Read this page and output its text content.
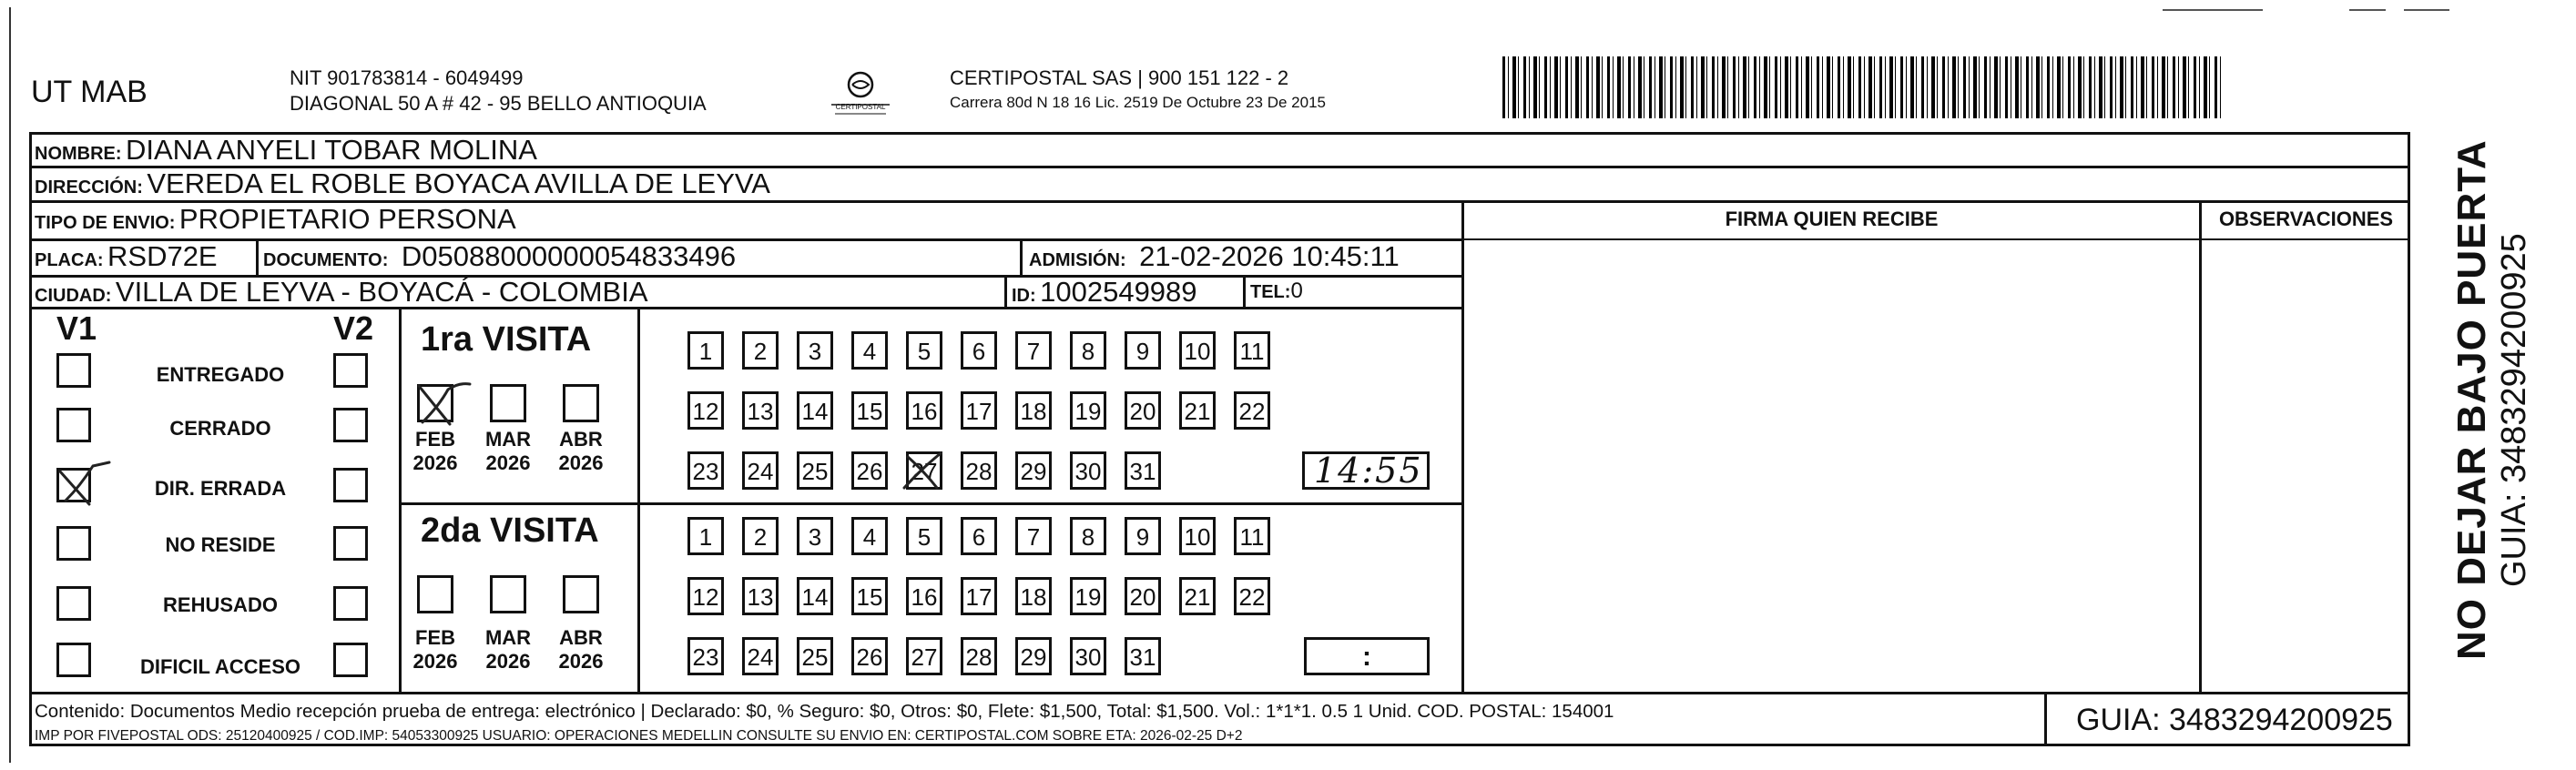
UT MAB	NIT 901783814 - 6049499
DIAGONAL 50 A # 42 - 95 BELLO ANTIOQUIA	CERTIPOSTAL
CERTIPOSTAL SAS | 900 151 122 - 2
Carrera 80d N 18 16 Lic. 2519 De Octubre 23 De 2015
NOMBRE: DIANA ANYELI TOBAR MOLINA
DIRECCIÓN: VEREDA EL ROBLE BOYACA AVILLA DE LEYVA
TIPO DE ENVIO: PROPIETARIO PERSONA
PLACA: RSD72E	DOCUMENTO: D05088000000054833496	ADMISIÓN: 21-02-2026 10:45:11
CIUDAD: VILLA DE LEYVA - BOYACÁ - COLOMBIA	ID: 1002549989	TEL:0
FIRMA QUIEN RECIBE	OBSERVACIONES
V1	V2
ENTREGADO
CERRADO
DIR. ERRADA
NO RESIDE
REHUSADO
DIFICIL ACCESO
1ra VISITA
FEB
2026
MAR
2026
ABR
2026
1	2	3	4	5	6	7	8	9	10 11
12 13 14 15 16 17 18 19 20 21 22
23 24 25 26 27 28 29 30 31	14:55
2da VISITA
FEB
2026
MAR
2026
ABR
2026
1	2	3	4	5	6	7	8	9	10 11
12 13 14 15 16 17 18 19 20 21 22
23 24 25 26 27 28 29 30 31	:
Contenido: Documentos Medio recepción prueba de entrega: electrónico | Declarado: $0, % Seguro: $0, Otros: $0, Flete: $1,500, Total: $1,500. Vol.: 1*1*1. 0.5 1 Unid. COD. POSTAL: 154001
IMP POR FIVEPOSTAL ODS: 25120400925 / COD.IMP: 54053300925 USUARIO: OPERACIONES MEDELLIN CONSULTE SU ENVIO EN: CERTIPOSTAL.COM SOBRE ETA: 2026-02-25 D+2	GUIA: 3483294200925
NO DEJAR BAJO PUERTA GUIA: 3483294200925
